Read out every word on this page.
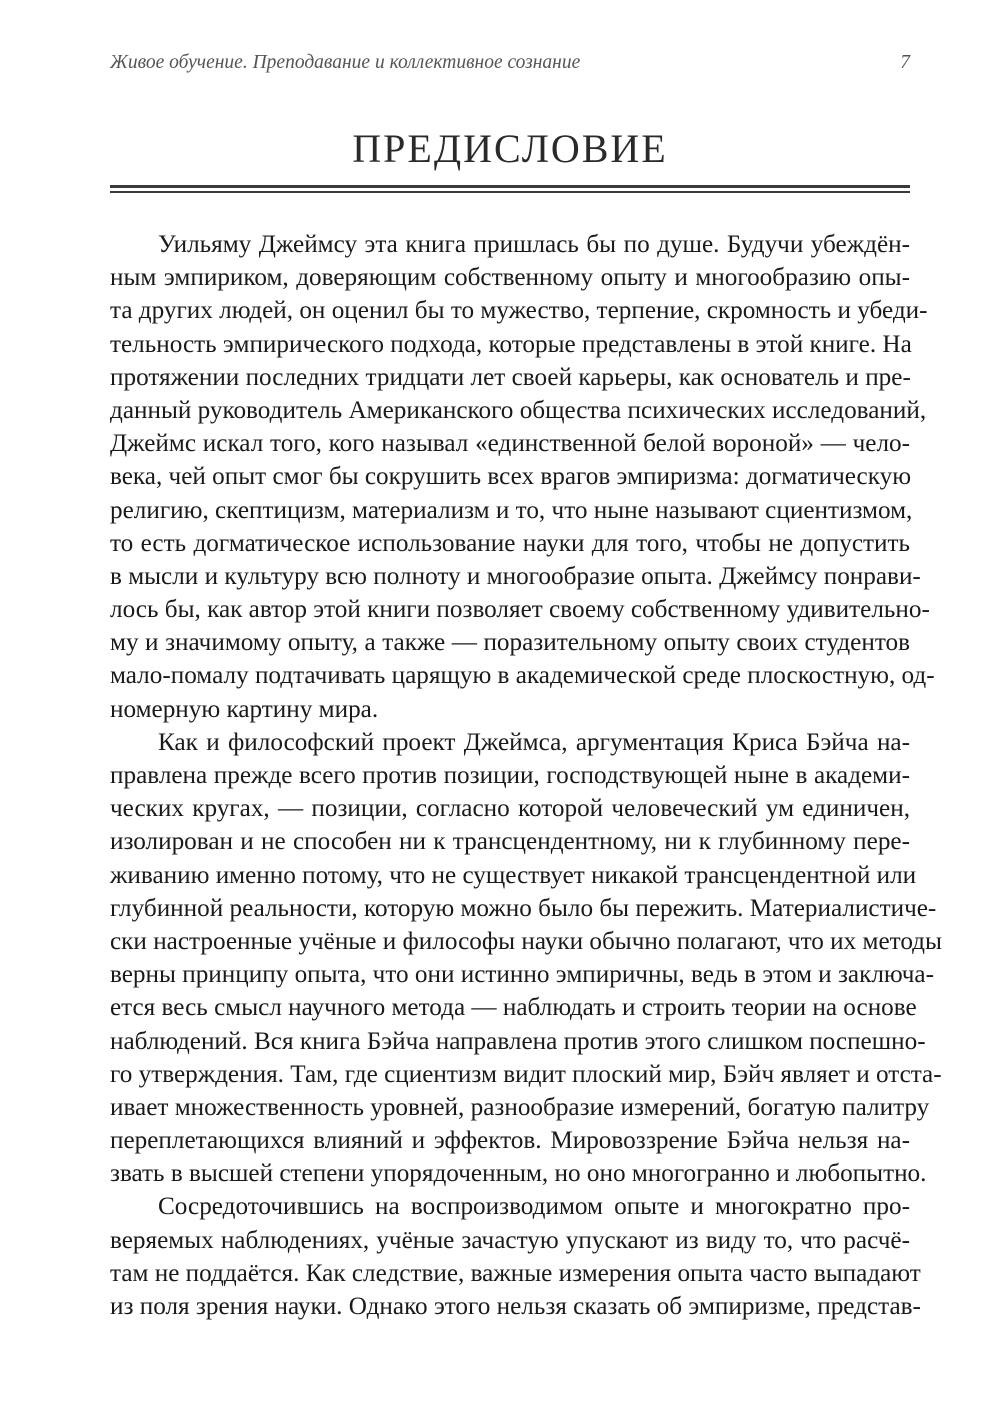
Живое обучение. Преподавание и коллективное сознание	7
ПРЕДИСЛОВИЕ
Уильяму Джеймсу эта книга пришлась бы по душе. Будучи убеждён-
ным эмпириком, доверяющим собственному опыту и многообразию опы-
та других людей, он оценил бы то мужество, терпение, скромность и убеди-
тельность эмпирического подхода, которые представлены в этой книге. На
протяжении последних тридцати лет своей карьеры, как основатель и пре-
данный руководитель Американского общества психических исследований,
Джеймс искал того, кого называл «единственной белой вороной» — чело-
века, чей опыт смог бы сокрушить всех врагов эмпиризма: догматическую
религию, скептицизм, материализм и то, что ныне называют сциентизмом,
то есть догматическое использование науки для того, чтобы не допустить
в мысли и культуру всю полноту и многообразие опыта. Джеймсу понрави-
лось бы, как автор этой книги позволяет своему собственному удивительно-
му и значимому опыту, а также — поразительному опыту своих студентов
мало-помалу подтачивать царящую в академической среде плоскостную, од-
номерную картину мира.
Как и философский проект Джеймса, аргументация Криса Бэйча на-
правлена прежде всего против позиции, господствующей ныне в академи-
ческих кругах, — позиции, согласно которой человеческий ум единичен,
изолирован и не способен ни к трансцендентному, ни к глубинному пере-
живанию именно потому, что не существует никакой трансцендентной или
глубинной реальности, которую можно было бы пережить. Материалистиче-
ски настроенные учёные и философы науки обычно полагают, что их методы
верны принципу опыта, что они истинно эмпиричны, ведь в этом и заключа-
ется весь смысл научного метода — наблюдать и строить теории на основе
наблюдений. Вся книга Бэйча направлена против этого слишком поспешно-
го утверждения. Там, где сциентизм видит плоский мир, Бэйч являет и отста-
ивает множественность уровней, разнообразие измерений, богатую палитру
переплетающихся влияний и эффектов. Мировоззрение Бэйча нельзя на-
звать в высшей степени упорядоченным, но оно многогранно и любопытно.
Сосредоточившись на воспроизводимом опыте и многократно про-
веряемых наблюдениях, учёные зачастую упускают из виду то, что расчё-
там не поддаётся. Как следствие, важные измерения опыта часто выпадают
из поля зрения науки. Однако этого нельзя сказать об эмпиризме, представ-
